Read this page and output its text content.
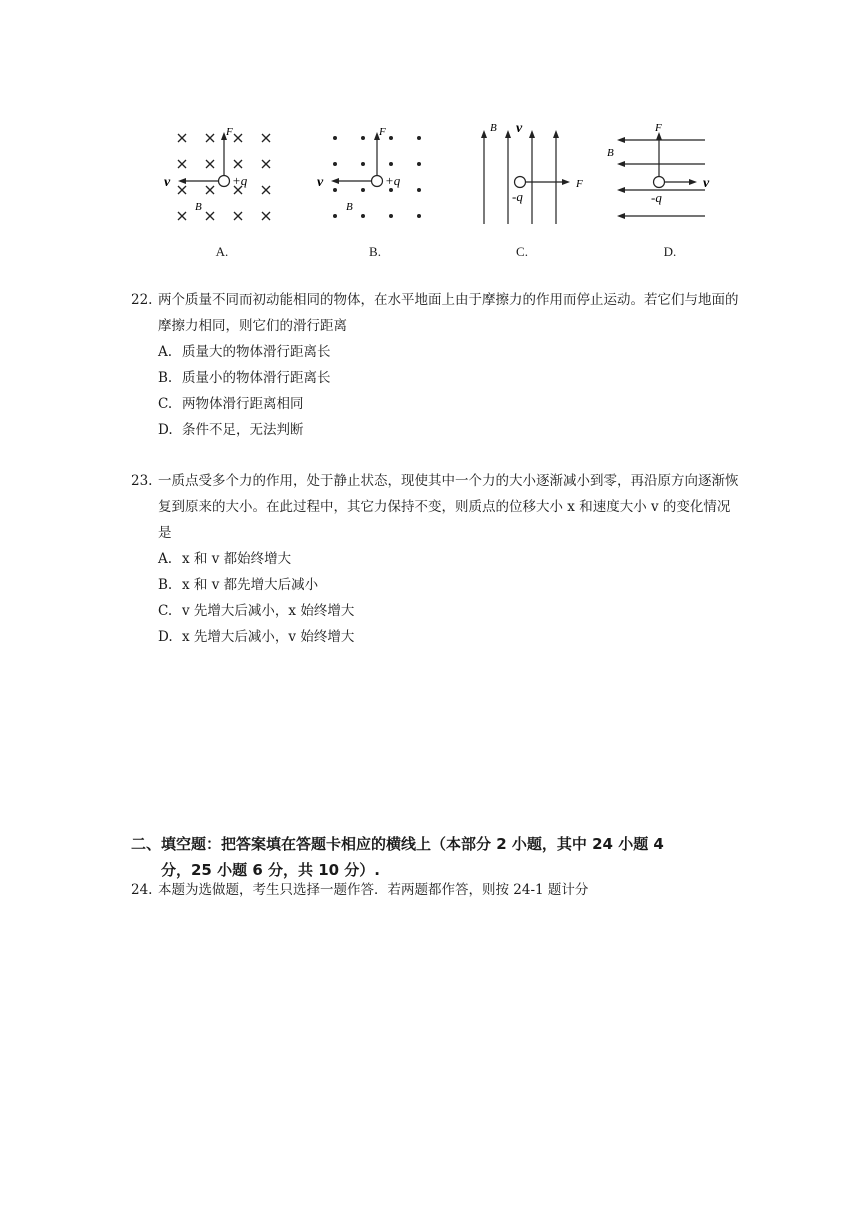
F
v	+q
B
A.
F
v	+q
B
B.
B v
F
-q
C.
F
B
v
-q
D.
22. 两个质量不同而初动能相同的物体，在水平地面上由于摩擦力的作用而停止运动。若它们与地面的摩擦力相同，则它们的滑行距离
A. 质量大的物体滑行距离长
B. 质量小的物体滑行距离长
C. 两物体滑行距离相同
D. 条件不足，无法判断
23. 一质点受多个力的作用，处于静止状态，现使其中一个力的大小逐渐减小到零，再沿原方向逐渐恢复到原来的大小。在此过程中，其它力保持不变，则质点的位移大小 x 和速度大小 v 的变化情况是
A. x 和 v 都始终增大
B. x 和 v 都先增大后减小
C. v 先增大后减小，x 始终增大
D. x 先增大后减小，v 始终增大
二、填空题：把答案填在答题卡相应的横线上（本部分 2 小题，其中 24 小题 4
分，25 小题 6 分，共 10 分）.
24. 本题为选做题，考生只选择一题作答．若两题都作答，则按 24-1 题计分
